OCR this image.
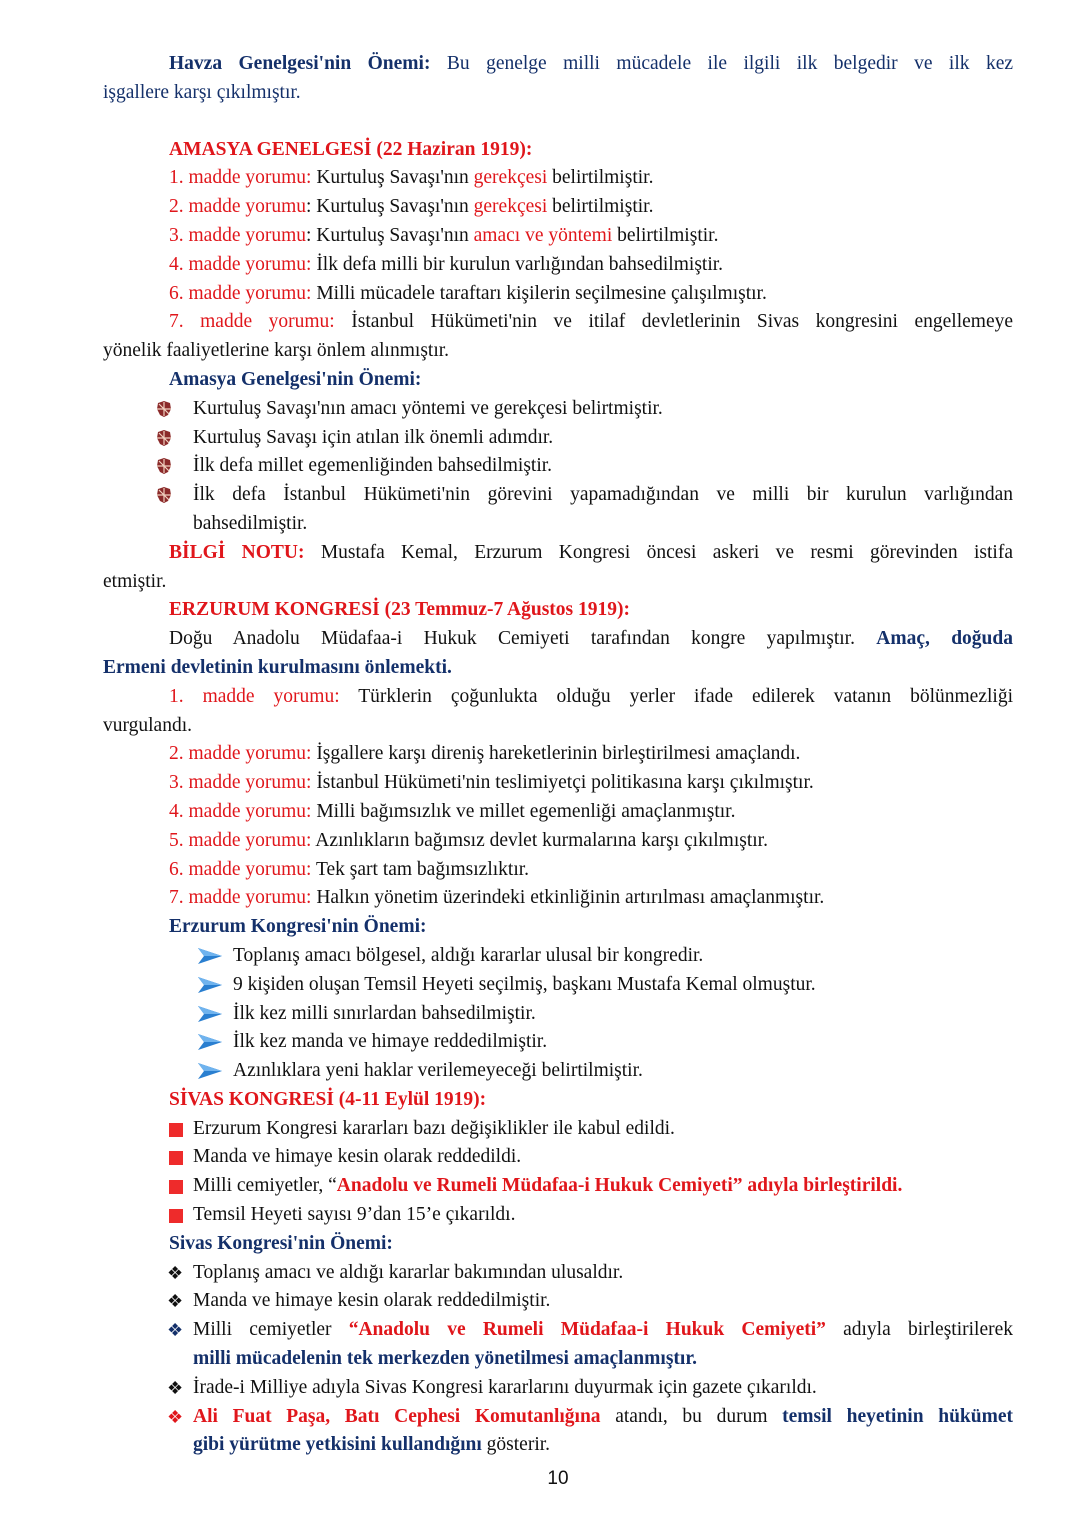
Havza Genelgesi'nin Önemi: Bu genelge milli mücadele ile ilgili ilk belgedir ve ilk kez
işgallere karşı çıkılmıştır.
AMASYA GENELGESİ (22 Haziran 1919):
1. madde yorumu: Kurtuluş Savaşı'nın gerekçesi belirtilmiştir.
2. madde yorumu: Kurtuluş Savaşı'nın gerekçesi belirtilmiştir.
3. madde yorumu: Kurtuluş Savaşı'nın amacı ve yöntemi belirtilmiştir.
4. madde yorumu: İlk defa milli bir kurulun varlığından bahsedilmiştir.
6. madde yorumu: Milli mücadele taraftarı kişilerin seçilmesine çalışılmıştır.
7. madde yorumu: İstanbul Hükümeti'nin ve itilaf devletlerinin Sivas kongresini engellemeye
yönelik faaliyetlerine karşı önlem alınmıştır.
Amasya Genelgesi'nin Önemi:
Kurtuluş Savaşı'nın amacı yöntemi ve gerekçesi belirtmiştir.
Kurtuluş Savaşı için atılan ilk önemli adımdır.
İlk defa millet egemenliğinden bahsedilmiştir.
İlk defa İstanbul Hükümeti'nin görevini yapamadığından ve milli bir kurulun varlığından
bahsedilmiştir.
BİLGİ NOTU: Mustafa Kemal, Erzurum Kongresi öncesi askeri ve resmi görevinden istifa
etmiştir.
ERZURUM KONGRESİ (23 Temmuz-7 Ağustos 1919):
Doğu Anadolu Müdafaa-i Hukuk Cemiyeti tarafından kongre yapılmıştır. Amaç, doğuda
Ermeni devletinin kurulmasını önlemekti.
1. madde yorumu: Türklerin çoğunlukta olduğu yerler ifade edilerek vatanın bölünmezliği
vurgulandı.
2. madde yorumu: İşgallere karşı direniş hareketlerinin birleştirilmesi amaçlandı.
3. madde yorumu: İstanbul Hükümeti'nin teslimiyetçi politikasına karşı çıkılmıştır.
4. madde yorumu: Milli bağımsızlık ve millet egemenliği amaçlanmıştır.
5. madde yorumu: Azınlıkların bağımsız devlet kurmalarına karşı çıkılmıştır.
6. madde yorumu: Tek şart tam bağımsızlıktır.
7. madde yorumu: Halkın yönetim üzerindeki etkinliğinin artırılması amaçlanmıştır.
Erzurum Kongresi'nin Önemi:
Toplanış amacı bölgesel, aldığı kararlar ulusal bir kongredir.
9 kişiden oluşan Temsil Heyeti seçilmiş, başkanı Mustafa Kemal olmuştur.
İlk kez milli sınırlardan bahsedilmiştir.
İlk kez manda ve himaye reddedilmiştir.
Azınlıklara yeni haklar verilemeyeceği belirtilmiştir.
SİVAS KONGRESİ (4-11 Eylül 1919):
Erzurum Kongresi kararları bazı değişiklikler ile kabul edildi.
Manda ve himaye kesin olarak reddedildi.
Milli cemiyetler, “Anadolu ve Rumeli Müdafaa-i Hukuk Cemiyeti” adıyla birleştirildi.
Temsil Heyeti sayısı 9’dan 15’e çıkarıldı.
Sivas Kongresi'nin Önemi:
❖ Toplanış amacı ve aldığı kararlar bakımından ulusaldır.
❖ Manda ve himaye kesin olarak reddedilmiştir.
❖ Milli cemiyetler “Anadolu ve Rumeli Müdafaa-i Hukuk Cemiyeti” adıyla birleştirilerek
milli mücadelenin tek merkezden yönetilmesi amaçlanmıştır.
❖ İrade-i Milliye adıyla Sivas Kongresi kararlarını duyurmak için gazete çıkarıldı.
❖ Ali Fuat Paşa, Batı Cephesi Komutanlığına atandı, bu durum temsil heyetinin hükümet
gibi yürütme yetkisini kullandığını gösterir.
10
